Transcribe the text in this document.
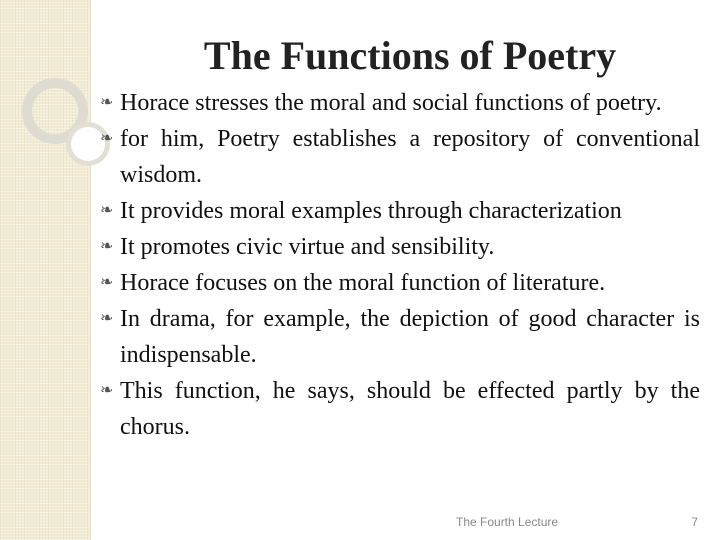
The Functions of Poetry
❧ Horace stresses the moral and social functions of poetry.
❧ for him, Poetry establishes a repository of conventional wisdom.
❧ It provides moral examples through characterization
❧ It promotes civic virtue and sensibility.
❧ Horace focuses on the moral function of literature.
❧ In drama, for example, the depiction of good character is indispensable.
❧ This function, he says, should be effected partly by the chorus.
The Fourth Lecture	7
